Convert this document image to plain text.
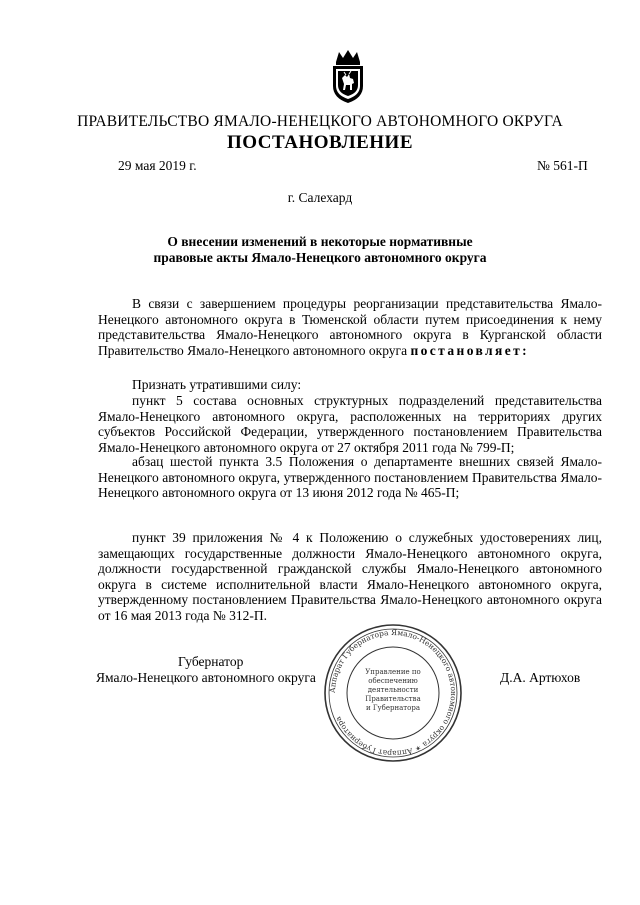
ПРАВИТЕЛЬСТВО ЯМАЛО-НЕНЕЦКОГО АВТОНОМНОГО ОКРУГА
ПОСТАНОВЛЕНИЕ
29 мая 2019 г.	№ 561-П
г. Салехард
О внесении изменений в некоторые нормативные
правовые акты Ямало-Ненецкого автономного округа

В связи с завершением процедуры реорганизации представительства Ямало-Ненецкого автономного округа в Тюменской области путем присоединения к нему представительства Ямало-Ненецкого автономного округа в Курганской области Правительство Ямало-Ненецкого автономного округа постановляет:

Признать утратившими силу:

пункт 5 состава основных структурных подразделений представительства Ямало-Ненецкого автономного округа, расположенных на территориях других субъектов Российской Федерации, утвержденного постановлением Правительства Ямало-Ненецкого автономного округа от 27 октября 2011 года № 799-П;

абзац шестой пункта 3.5 Положения о департаменте внешних связей Ямало-Ненецкого автономного округа, утвержденного постановлением Правительства Ямало-Ненецкого автономного округа от 13 июня 2012 года № 465-П;

пункт 39 приложения № 4 к Положению о служебных удостоверениях лиц, замещающих государственные должности Ямало-Ненецкого автономного округа, должности государственной гражданской службы Ямало-Ненецкого автономного округа в системе исполнительной власти Ямало-Ненецкого автономного округа, утвержденному постановлением Правительства Ямало-Ненецкого автономного округа от 16 мая 2013 года № 312-П.

Аппарат Губернатора Ямало-Ненецкого автономного округа ✶ Аппарат Губернатора
Управление по
обеспечению
деятельности
Правительства
и Губернатора
Губернатор
Ямало-Ненецкого автономного округа	Д.А. Артюхов
